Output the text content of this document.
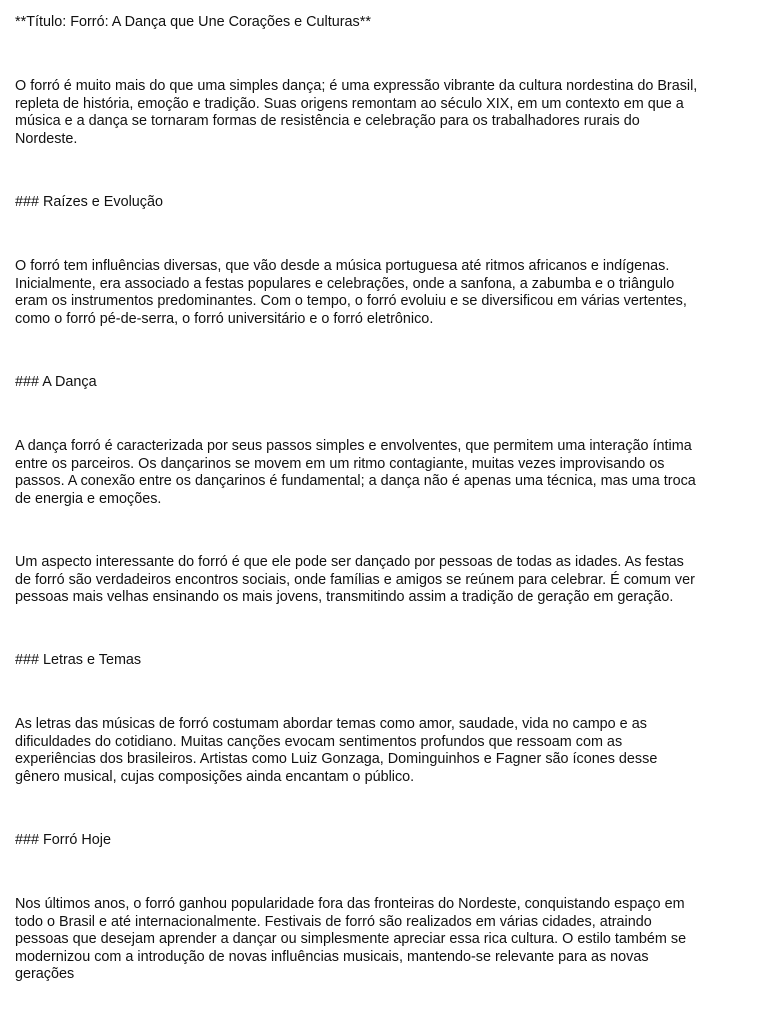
**Título: Forró: A Dança que Une Corações e Culturas**

O forró é muito mais do que uma simples dança; é uma expressão vibrante da cultura nordestina do Brasil,
repleta de história, emoção e tradição. Suas origens remontam ao século XIX, em um contexto em que a
música e a dança se tornaram formas de resistência e celebração para os trabalhadores rurais do
Nordeste.

### Raízes e Evolução

O forró tem influências diversas, que vão desde a música portuguesa até ritmos africanos e indígenas.
Inicialmente, era associado a festas populares e celebrações, onde a sanfona, a zabumba e o triângulo
eram os instrumentos predominantes. Com o tempo, o forró evoluiu e se diversificou em várias vertentes,
como o forró pé-de-serra, o forró universitário e o forró eletrônico.

### A Dança

A dança forró é caracterizada por seus passos simples e envolventes, que permitem uma interação íntima
entre os parceiros. Os dançarinos se movem em um ritmo contagiante, muitas vezes improvisando os
passos. A conexão entre os dançarinos é fundamental; a dança não é apenas uma técnica, mas uma troca
de energia e emoções.

Um aspecto interessante do forró é que ele pode ser dançado por pessoas de todas as idades. As festas
de forró são verdadeiros encontros sociais, onde famílias e amigos se reúnem para celebrar. É comum ver
pessoas mais velhas ensinando os mais jovens, transmitindo assim a tradição de geração em geração.

### Letras e Temas

As letras das músicas de forró costumam abordar temas como amor, saudade, vida no campo e as
dificuldades do cotidiano. Muitas canções evocam sentimentos profundos que ressoam com as
experiências dos brasileiros. Artistas como Luiz Gonzaga, Dominguinhos e Fagner são ícones desse
gênero musical, cujas composições ainda encantam o público.

### Forró Hoje

Nos últimos anos, o forró ganhou popularidade fora das fronteiras do Nordeste, conquistando espaço em
todo o Brasil e até internacionalmente. Festivais de forró são realizados em várias cidades, atraindo
pessoas que desejam aprender a dançar ou simplesmente apreciar essa rica cultura. O estilo também se
modernizou com a introdução de novas influências musicais, mantendo-se relevante para as novas
gerações
